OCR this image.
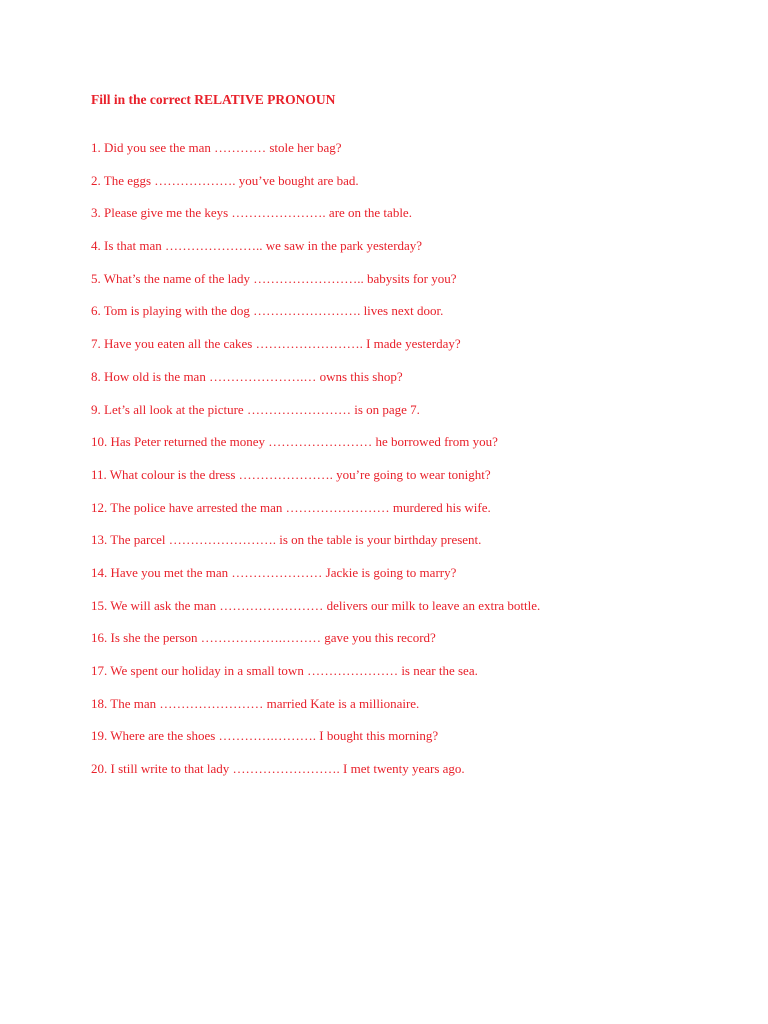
Fill in the correct RELATIVE PRONOUN
1. Did you see the man ………… stole her bag?
2. The eggs ………………. you’ve bought are bad.
3. Please give me the keys …………………. are on the table.
4. Is that man ………………….. we saw in the park yesterday?
5. What’s the name of the lady …………………….. babysits for you?
6. Tom is playing with the dog ……………………. lives next door.
7. Have you eaten all the cakes ……………………. I made yesterday?
8. How old is the man ………………….… owns this shop?
9. Let’s all look at the picture …………………… is on page 7.
10. Has Peter returned the money …………………… he borrowed from you?
11. What colour is the dress …………………. you’re going to wear tonight?
12. The police have arrested the man …………………… murdered his wife.
13. The parcel ……………………. is on the table is your birthday present.
14. Have you met the man ………………… Jackie is going to marry?
15. We will ask the man …………………… delivers our milk to leave an extra bottle.
16. Is she the person ……………….……… gave you this record?
17. We spent our holiday in a small town ………………… is near the sea.
18. The man …………………… married Kate is a millionaire.
19. Where are the shoes ………….………. I bought this morning?
20. I still write to that lady ……………………. I met twenty years ago.
